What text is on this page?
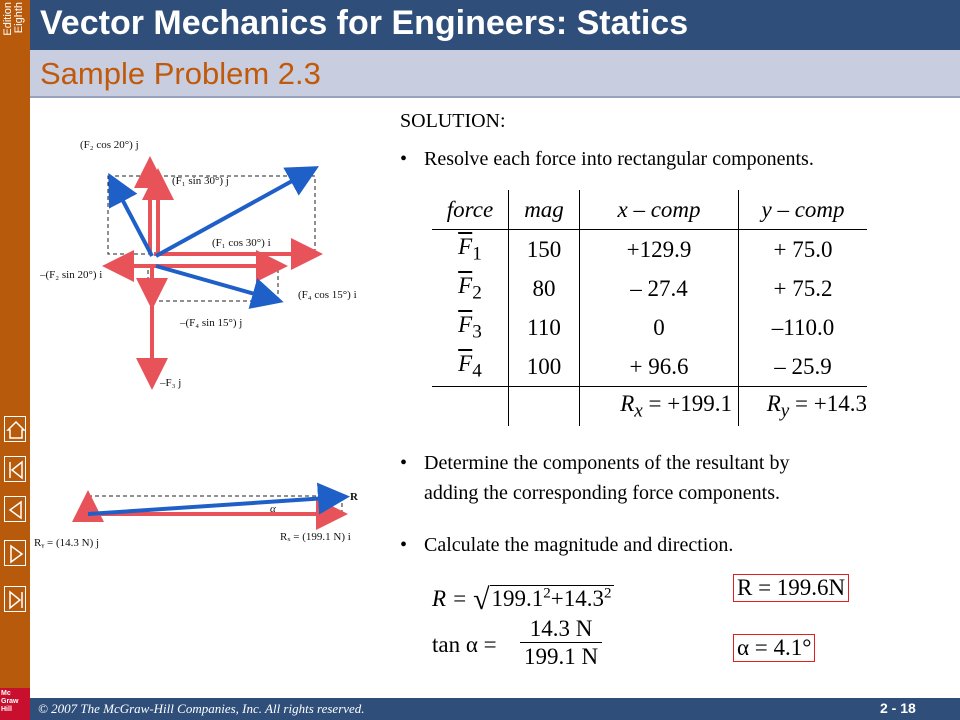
Eighth
Edition
Mc
Graw
Hill
Vector Mechanics for Engineers: Statics
Sample Problem 2.3
(F₂ cos 20°) j
(F₁ sin 30°) j
(F₁ cos 30°) i
–(F₂ sin 20°) i
(F₄ cos 15°) i
–(F₄ sin 15°) j
–F₃ j
R
α
Rᵧ = (14.3 N) j	Rₓ = (199.1 N) i
SOLUTION:
• Resolve each force into rectangular components.
force	mag	x – comp	y – comp
$\overline{F}_1$	150	+129.9	+ 75.0
$\overline{F}_2$	80	– 27.4	+ 75.2
$\overline{F}_3$	110	0	–110.0
$\overline{F}_4$	100	+ 96.6	– 25.9
		$R_x = +199.1$	$R_y = +14.3$
• Determine the components of the resultant by
adding the corresponding force components.
• Calculate the magnitude and direction.
$R = √199.1^2+14.3^2$	R = 199.6N
$\tan \alpha = \frac{14.3 N}{199.1 N}$	α = 4.1°
© 2007 The McGraw-Hill Companies, Inc. All rights reserved.	2 - 18
